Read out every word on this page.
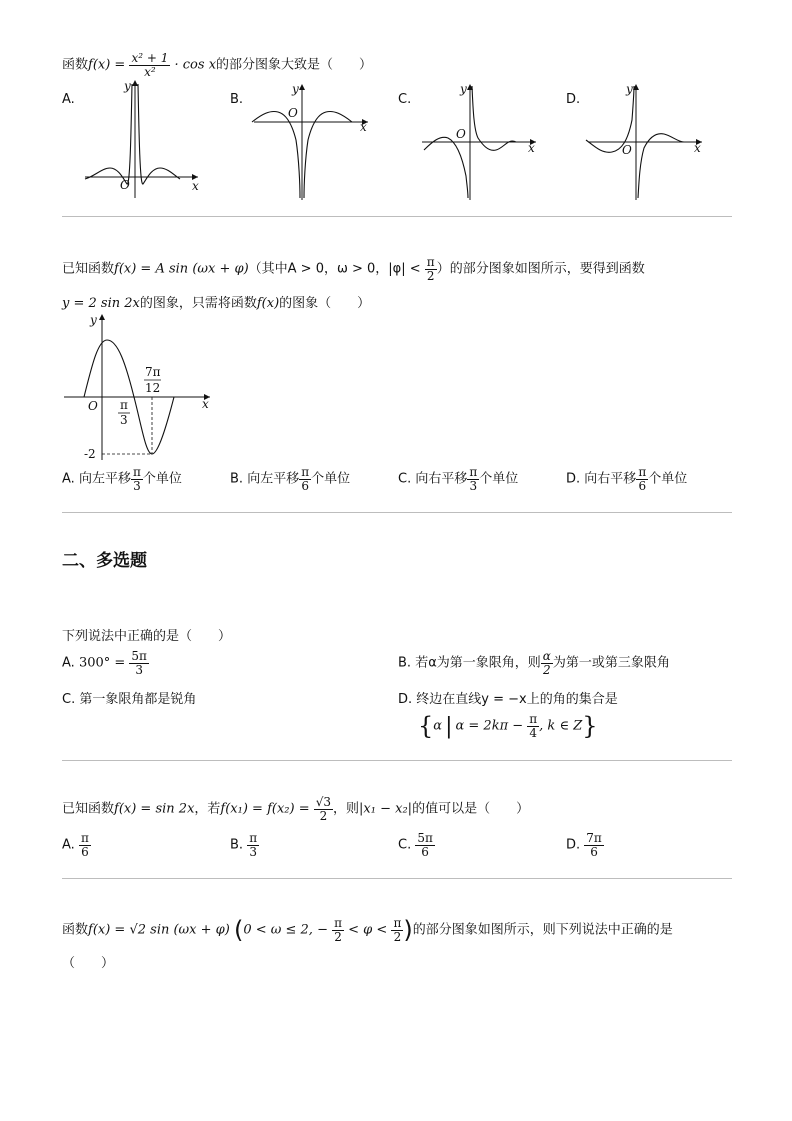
函数$f(x) = \frac{\text{x² + 1}}{\text{x²}} \cdot \cos x$的部分图象大致是（　　）
A.	B.	C.	D.
y
x
O
y
x
O
y
x
O
y
x
O
已知函数f(x) = A sin (ωx + φ)（其中A > 0，ω > 0，$|\varphi| < \frac{\pi}{2}$ ）的部分图象如图所示，要得到函数
y = 2 sin 2x的图象，只需将函数f(x)的图象（　　）
y
x
O
7π
12
π
3
-2
A. 向左平移 $\frac{\pi}{3}$ 个单位	B. 向左平移 $\frac{\pi}{6}$ 个单位	C. 向右平移 $\frac{\pi}{3}$ 个单位	D. 向右平移 $\frac{\pi}{6}$ 个单位
二、多选题
下列说法中正确的是（　　）
A. $300^\circ = \frac{5\pi}{3}$	B. 若α为第一象限角，则 $\frac{\alpha}{2}$ 为第一或第三象限角
C. 第一象限角都是锐角	D. 终边在直线y = −x上的角的集合是
{α | $\alpha = 2k\pi - \frac{\pi}{4}$ , k ∈ Z}
已知函数f(x) = sin 2x，若$f(x_1) = f(x_2) = \frac{√3}{2}$ ，则|x₁ − x₂|的值可以是（　　）
A. $\frac{\pi}{6}$	B. $\frac{\pi}{3}$	C. $\frac{5\pi}{6}$	D. $\frac{7\pi}{6}$
函数f(x) = √2 sin (ωx + φ) (0 < ω ≤ 2, − $\frac{\pi}{2} < \varphi < \frac{\pi}{2}$ )的部分图象如图所示，则下列说法中正确的是
（　　）
